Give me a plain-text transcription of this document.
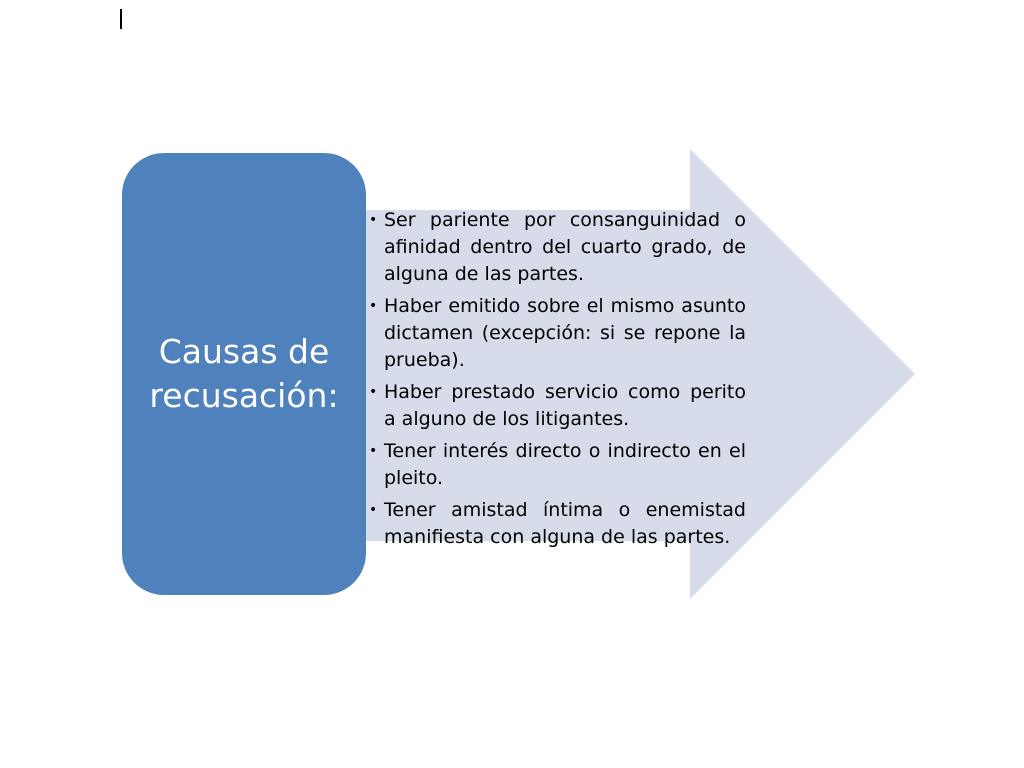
Causas de recusación:
• Ser pariente por consanguinidad o afinidad dentro del cuarto grado, de alguna de las partes.
• Haber emitido sobre el mismo asunto dictamen (excepción: si se repone la prueba).
• Haber prestado servicio como perito a alguno de los litigantes.
• Tener interés directo o indirecto en el pleito.
• Tener amistad íntima o enemistad manifiesta con alguna de las partes.
